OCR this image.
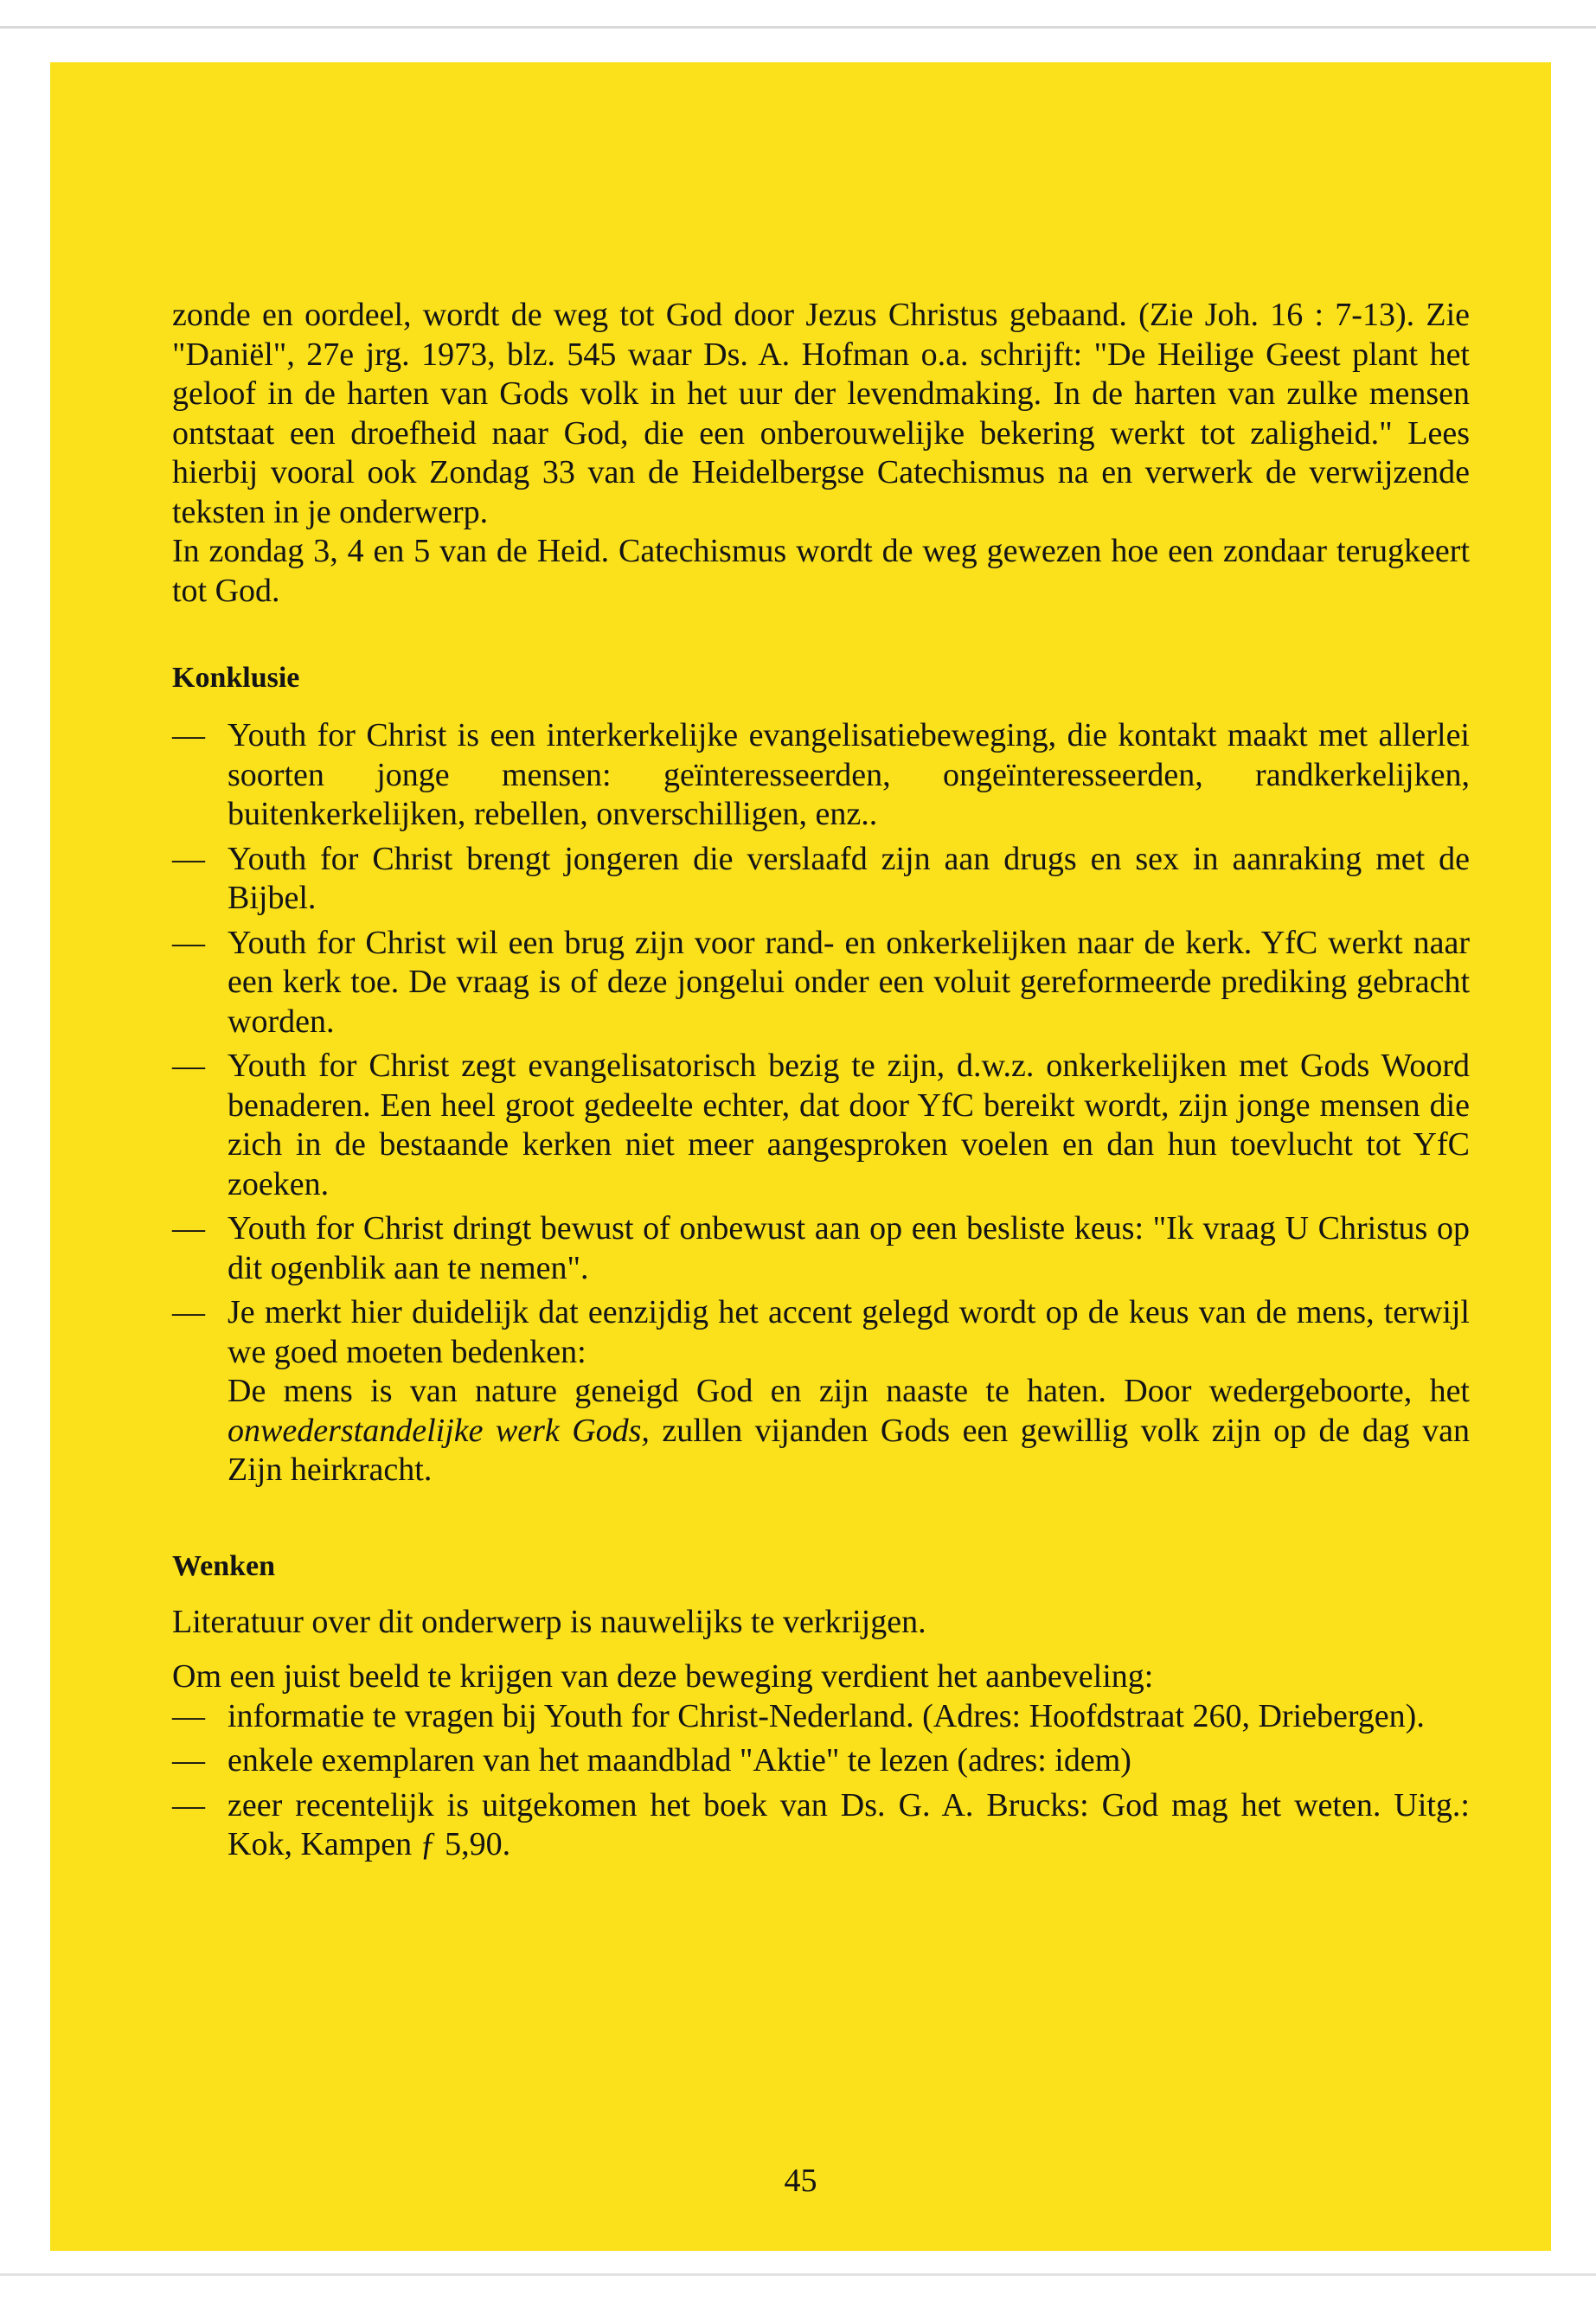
zonde en oordeel, wordt de weg tot God door Jezus Christus gebaand. (Zie Joh. 16 : 7-13). Zie "Daniël", 27e jrg. 1973, blz. 545 waar Ds. A. Hofman o.a. schrijft: "De Heilige Geest plant het geloof in de harten van Gods volk in het uur der levendmaking. In de harten van zulke mensen ontstaat een droefheid naar God, die een onberouwelijke bekering werkt tot zaligheid." Lees hierbij vooral ook Zondag 33 van de Heidelbergse Catechismus na en verwerk de verwijzende teksten in je onderwerp.

In zondag 3, 4 en 5 van de Heid. Catechismus wordt de weg gewezen hoe een zondaar terugkeert tot God.

Konklusie
— Youth for Christ is een interkerkelijke evangelisatiebeweging, die kontakt maakt met allerlei soorten jonge mensen: geïnteresseerden, ongeïnteresseerden, randkerkelijken, buitenkerkelijken, rebellen, onverschilligen, enz..

— Youth for Christ brengt jongeren die verslaafd zijn aan drugs en sex in aanraking met de Bijbel.

— Youth for Christ wil een brug zijn voor rand- en onkerkelijken naar de kerk. YfC werkt naar een kerk toe. De vraag is of deze jongelui onder een voluit gereformeerde prediking gebracht worden.

— Youth for Christ zegt evangelisatorisch bezig te zijn, d.w.z. onkerkelijken met Gods Woord benaderen. Een heel groot gedeelte echter, dat door YfC bereikt wordt, zijn jonge mensen die zich in de bestaande kerken niet meer aangesproken voelen en dan hun toevlucht tot YfC zoeken.

— Youth for Christ dringt bewust of onbewust aan op een besliste keus: "Ik vraag U Christus op dit ogenblik aan te nemen".

— Je merkt hier duidelijk dat eenzijdig het accent gelegd wordt op de keus van de mens, terwijl we goed moeten bedenken:

De mens is van nature geneigd God en zijn naaste te haten. Door wedergeboorte, het onwederstandelijke werk Gods, zullen vijanden Gods een gewillig volk zijn op de dag van Zijn heirkracht.

Wenken

Literatuur over dit onderwerp is nauwelijks te verkrijgen.

Om een juist beeld te krijgen van deze beweging verdient het aanbeveling:

— informatie te vragen bij Youth for Christ-Nederland. (Adres: Hoofdstraat 260, Driebergen).

— enkele exemplaren van het maandblad "Aktie" te lezen (adres: idem)

— zeer recentelijk is uitgekomen het boek van Ds. G. A. Brucks: God mag het weten. Uitg.: Kok, Kampen ƒ 5,90.

45
